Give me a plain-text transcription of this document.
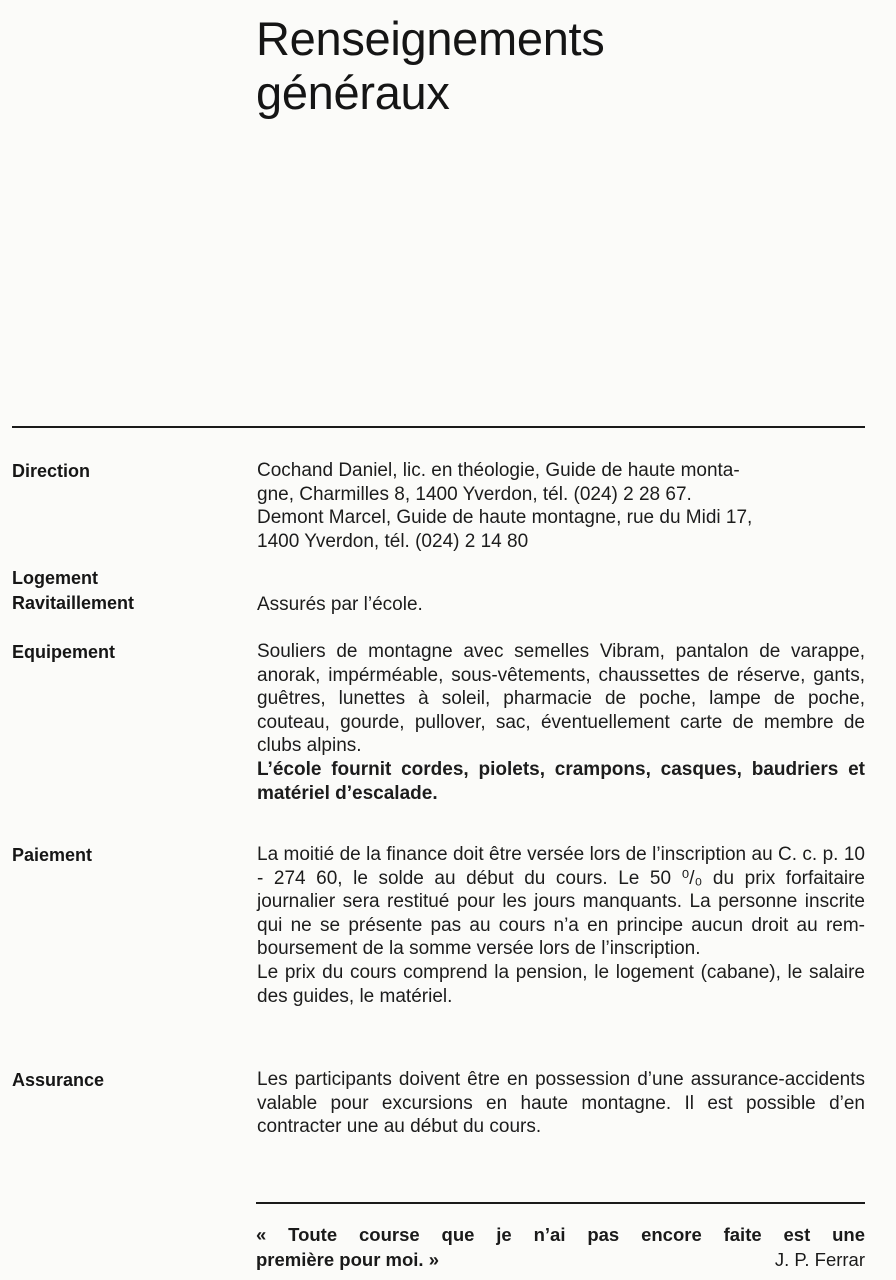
Renseignements
généraux
Direction	Cochand Daniel, lic. en théologie, Guide de haute monta-

gne, Charmilles 8, 1400 Yverdon, tél. (024) 2 28 67.

Demont Marcel, Guide de haute montagne, rue du Midi 17,

1400 Yverdon, tél. (024) 2 14 80

Logement
Ravitaillement	Assurés par l’école.
Equipement	Souliers de montagne avec semelles Vibram, pantalon de varappe, anorak, impérméable, sous-vêtements, chaussettes de réserve, gants, guêtres, lunettes à soleil, pharmacie de poche, lampe de poche, couteau, gourde, pullover, sac, éventuellement carte de membre de clubs alpins.

L’école fournit cordes, piolets, crampons, casques, baudriers et matériel d’escalade.

Paiement	La moitié de la finance doit être versée lors de l’inscription au C. c. p. 10 - 274 60, le solde au début du cours. Le 50 ⁰/₀ du prix forfaitaire journalier sera restitué pour les jours manquants. La personne inscrite qui ne se présente pas au cours n’a en principe aucun droit au remboursement de la somme versée lors de l’inscription.

Le prix du cours comprend la pension, le logement (cabane), le salaire des guides, le matériel.

Assurance	Les participants doivent être en possession d’une assurance-accidents valable pour excursions en haute montagne. Il est possible d’en contracter une au début du cours.
« Toute course que je n’ai pas encore faite est une
première pour moi. »	J. P. Ferrar
